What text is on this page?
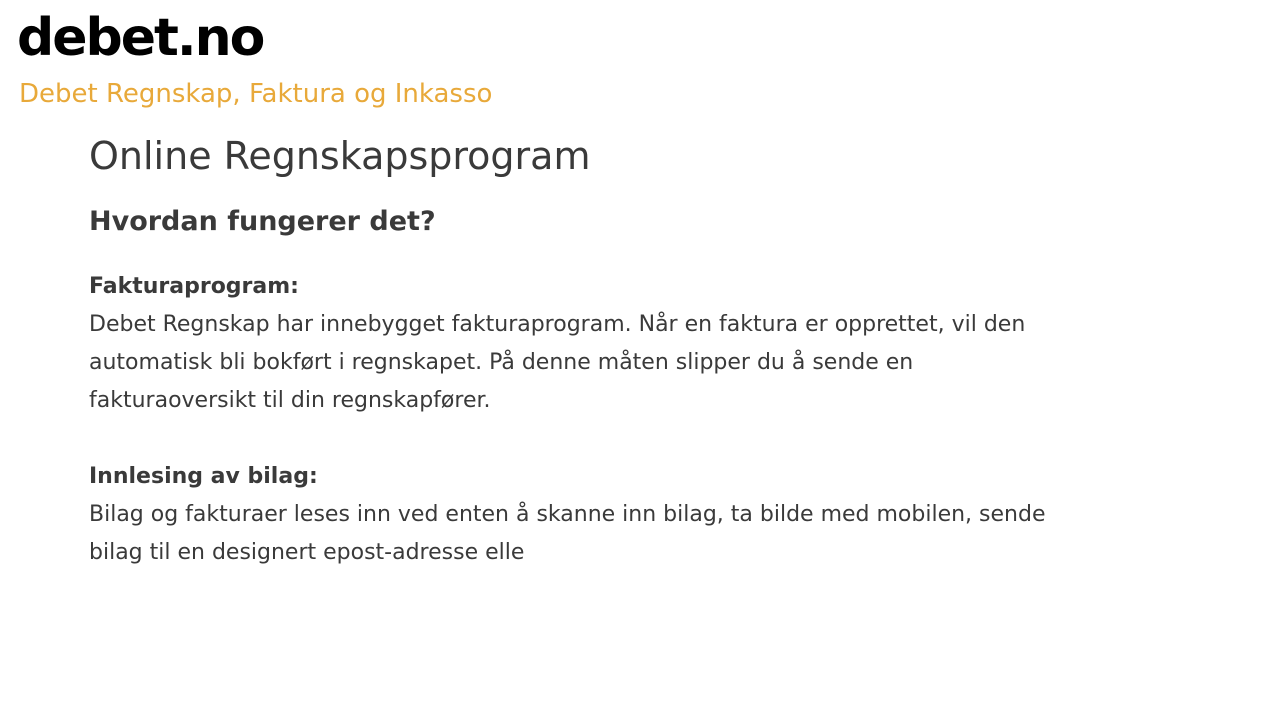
debet.no
Debet Regnskap, Faktura og Inkasso
Online Regnskapsprogram
Hvordan fungerer det?
Fakturaprogram:
Debet Regnskap har innebygget fakturaprogram. Når en faktura er opprettet, vil den automatisk bli bokført i regnskapet. På denne måten slipper du å sende en fakturaoversikt til din regnskapfører.
Innlesing av bilag:
Bilag og fakturaer leses inn ved enten å skanne inn bilag, ta bilde med mobilen, sende bilag til en designert epost-adresse elle
